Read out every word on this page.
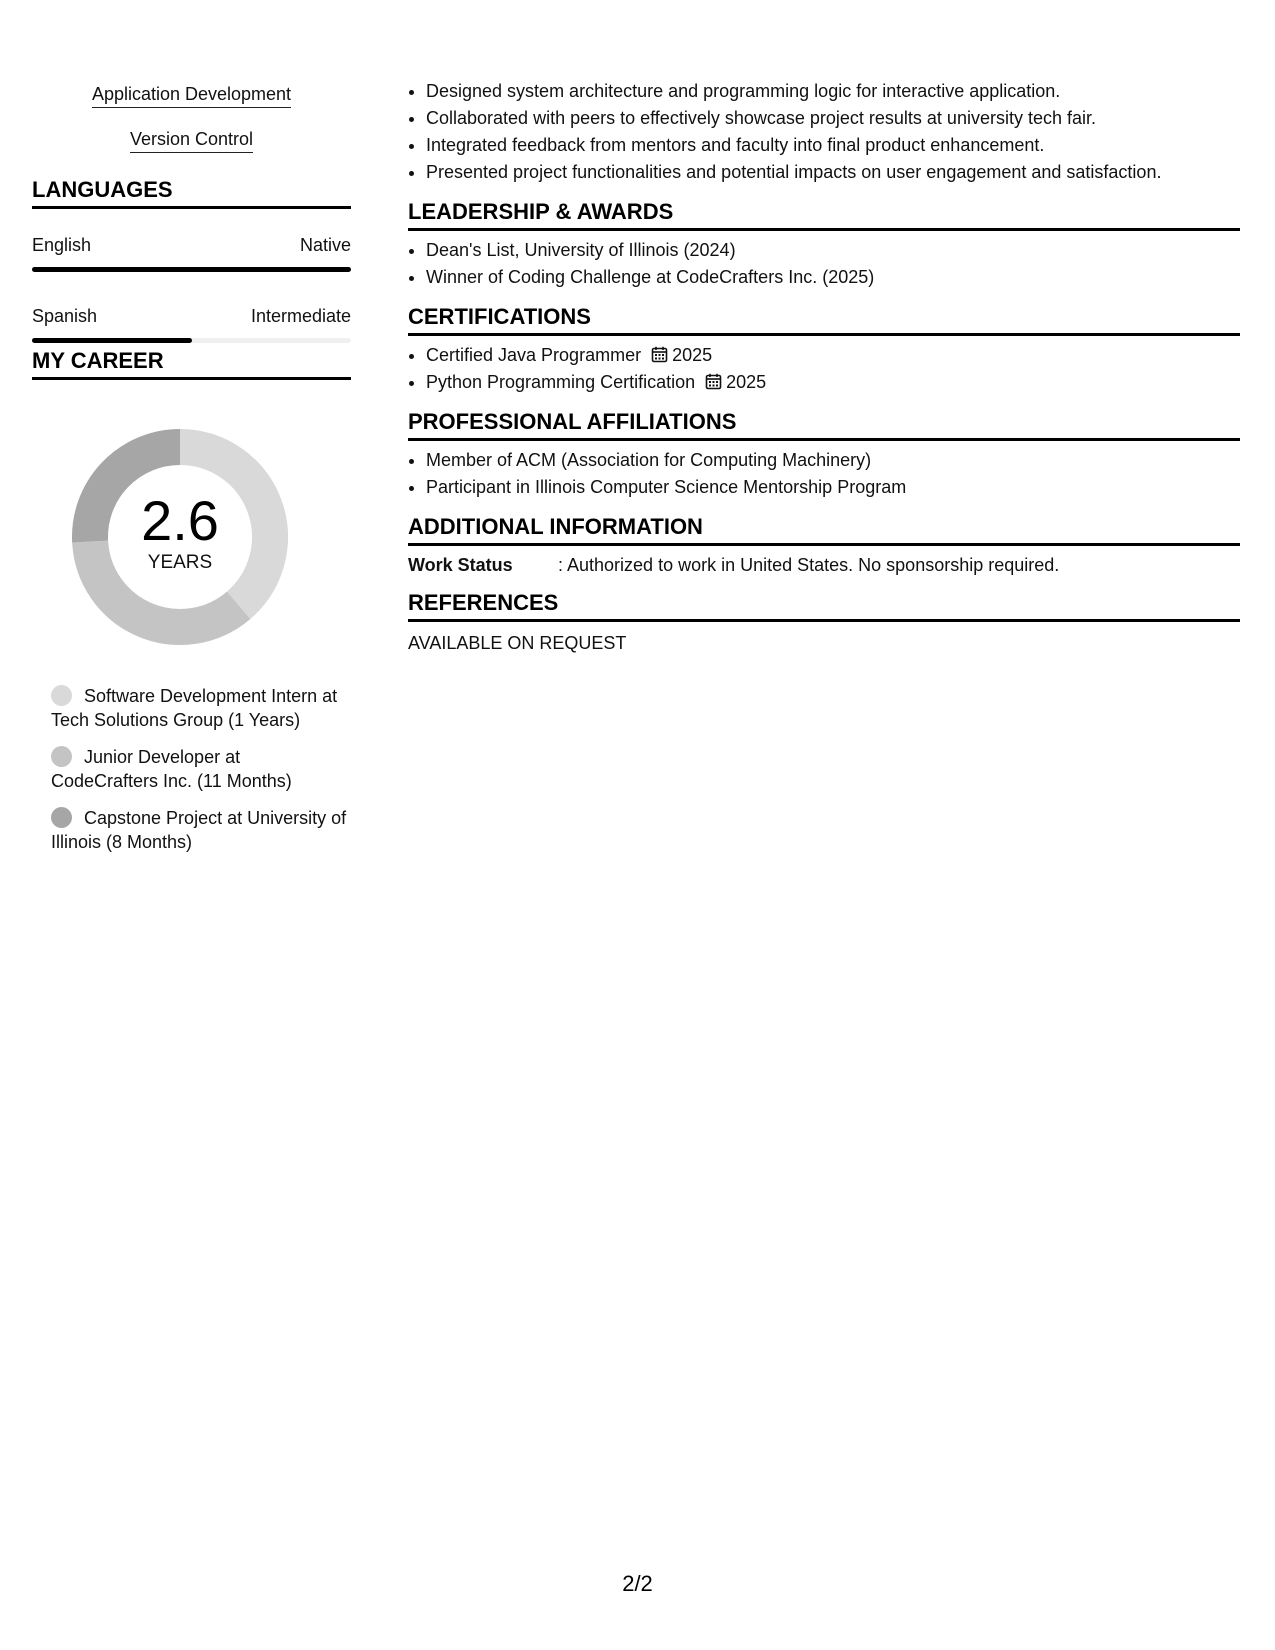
Application Development
Version Control
LANGUAGES
English	Native
Spanish	Intermediate
MY CAREER
2.6
YEARS
Software Development Intern at Tech Solutions Group (1 Years)
Junior Developer at CodeCrafters Inc. (11 Months)
Capstone Project at University of Illinois (8 Months)
• Designed system architecture and programming logic for interactive application.
• Collaborated with peers to effectively showcase project results at university tech fair.
• Integrated feedback from mentors and faculty into final product enhancement.
• Presented project functionalities and potential impacts on user engagement and satisfaction.
LEADERSHIP & AWARDS
• Dean's List, University of Illinois (2024)
• Winner of Coding Challenge at CodeCrafters Inc. (2025)
CERTIFICATIONS
• Certified Java Programmer 2025
• Python Programming Certification 2025
PROFESSIONAL AFFILIATIONS
• Member of ACM (Association for Computing Machinery)
• Participant in Illinois Computer Science Mentorship Program
ADDITIONAL INFORMATION
Work Status	: Authorized to work in United States. No sponsorship required.
REFERENCES
AVAILABLE ON REQUEST
2/2
